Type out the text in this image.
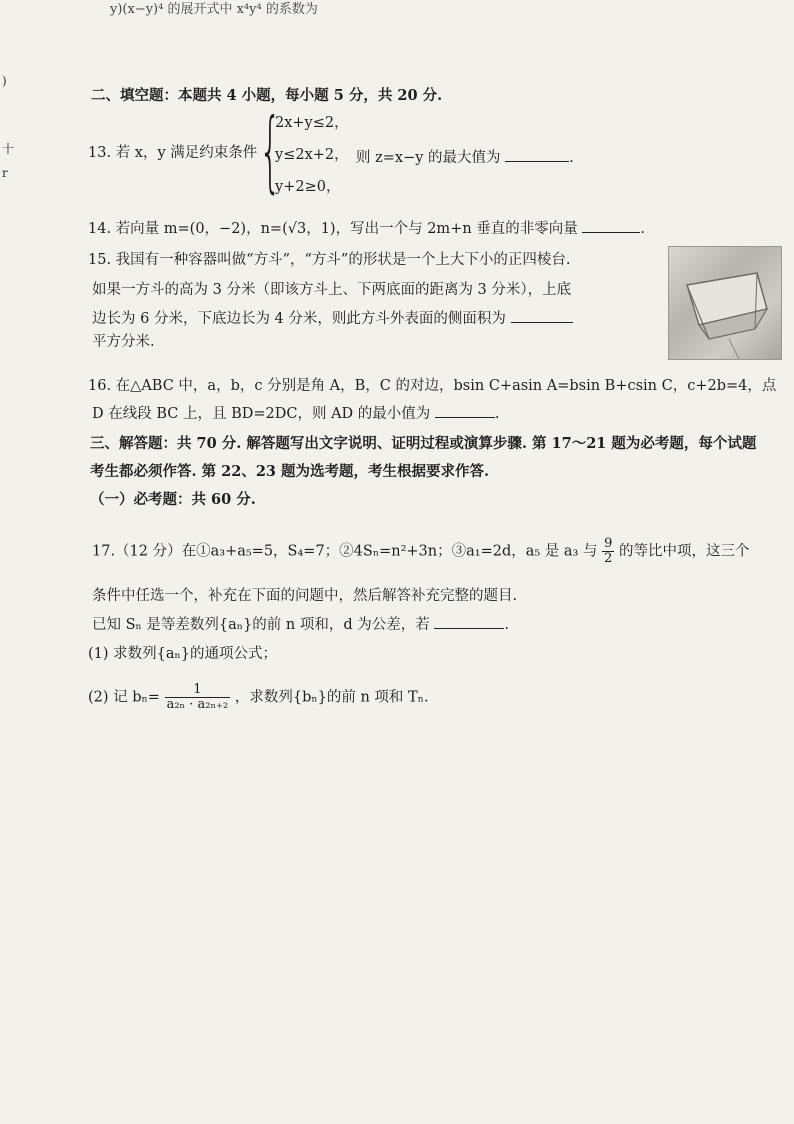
y)(x−y)⁴ 的展开式中 x⁴y⁴ 的系数为
)
十
r
二、填空题：本题共 4 小题，每小题 5 分，共 20 分.
13. 若 x，y 满足约束条件 {
2x+y≤2，
y≤2x+2，
y+2≥0，
则 z=x−y 的最大值为	.
14. 若向量 m=(0，−2)，n=(√3，1)，写出一个与 2m+n 垂直的非零向量	.
15. 我国有一种容器叫做“方斗”，“方斗”的形状是一个上大下小的正四棱台.
如果一方斗的高为 3 分米（即该方斗上、下两底面的距离为 3 分米），上底
边长为 6 分米，下底边长为 4 分米，则此方斗外表面的侧面积为
平方分米.
16. 在△ABC 中，a，b，c 分别是角 A，B，C 的对边，bsin C+asin A=bsin B+csin C，c+2b=4，点
D 在线段 BC 上，且 BD=2DC，则 AD 的最小值为	.
三、解答题：共 70 分. 解答题写出文字说明、证明过程或演算步骤. 第 17～21 题为必考题，每个试题
考生都必须作答. 第 22、23 题为选考题，考生根据要求作答.
（一）必考题：共 60 分.
17.（12 分）在①a₃+a₅=5，S₄=7；②4Sₙ=n²+3n；③a₁=2d，a₅ 是 a₃ 与 $\frac{9}{2}$ 的等比中项，这三个
条件中任选一个，补充在下面的问题中，然后解答补充完整的题目.
已知 Sₙ 是等差数列{aₙ}的前 n 项和，d 为公差，若	.
(1) 求数列{aₙ}的通项公式；
(2) 记 $b_n= \frac{1}{\text{a₂ₙ · a₂ₙ₊₂}}$ ，求数列{bₙ}的前 n 项和 Tₙ.
